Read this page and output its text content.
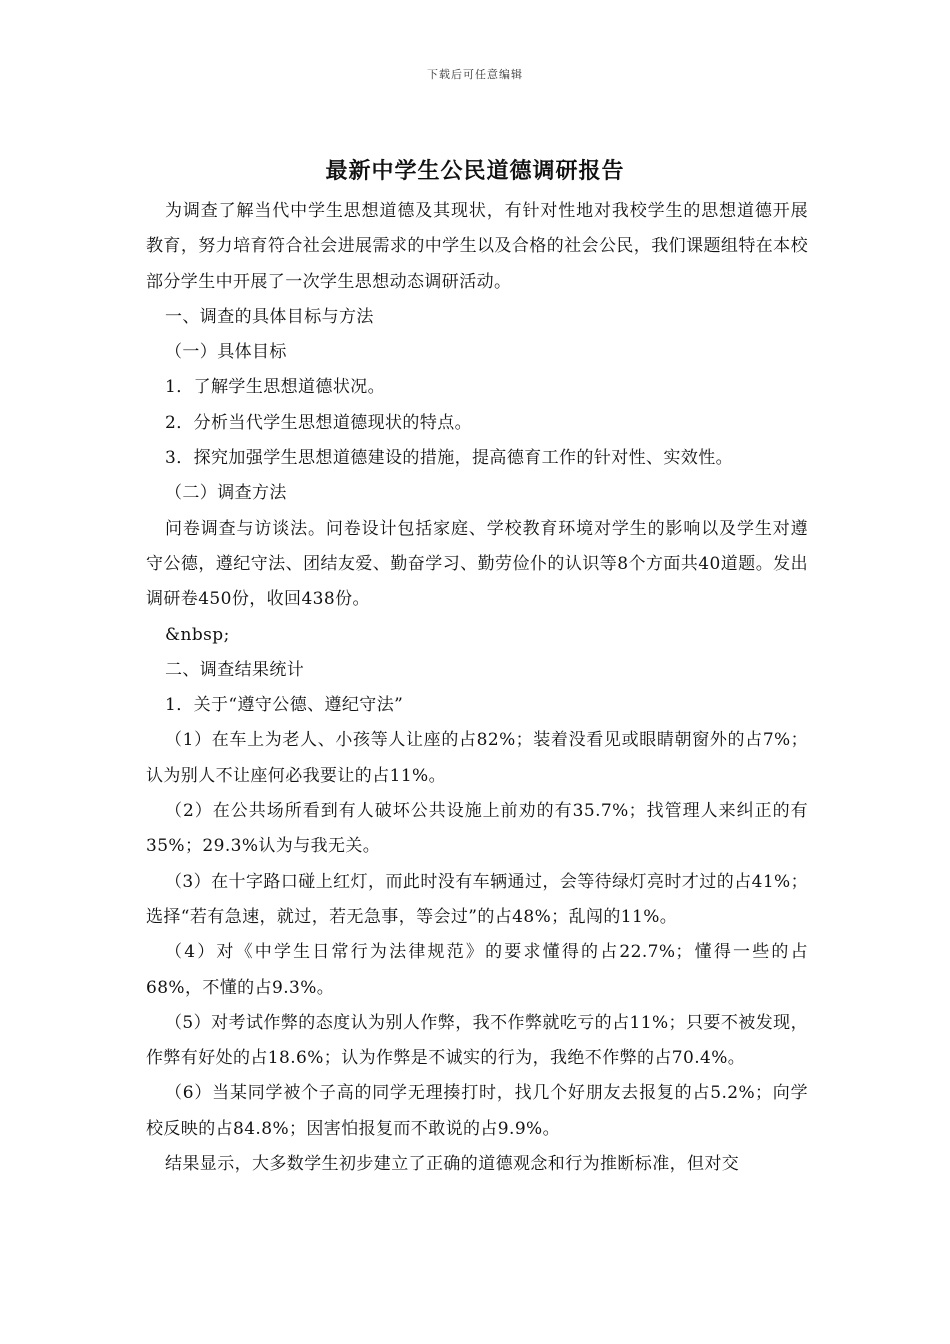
下载后可任意编辑
最新中学生公民道德调研报告

为调查了解当代中学生思想道德及其现状，有针对性地对我校学生的思想道德开展教育，努力培育符合社会进展需求的中学生以及合格的社会公民，我们课题组特在本校部分学生中开展了一次学生思想动态调研活动。

一、调查的具体目标与方法

（一）具体目标

1．了解学生思想道德状况。

2．分析当代学生思想道德现状的特点。

3．探究加强学生思想道德建设的措施，提高德育工作的针对性、实效性。

（二）调查方法

问卷调查与访谈法。问卷设计包括家庭、学校教育环境对学生的影响以及学生对遵守公德，遵纪守法、团结友爱、勤奋学习、勤劳俭仆的认识等8个方面共40道题。发出调研卷450份，收回438份。

&nbsp;

二、调查结果统计

1．关于“遵守公德、遵纪守法”

（1）在车上为老人、小孩等人让座的占82%；装着没看见或眼睛朝窗外的占7%；认为别人不让座何必我要让的占11%。

（2）在公共场所看到有人破坏公共设施上前劝的有35.7%；找管理人来纠正的有35%；29.3%认为与我无关。

（3）在十字路口碰上红灯，而此时没有车辆通过，会等待绿灯亮时才过的占41%；选择“若有急速，就过，若无急事，等会过”的占48%；乱闯的11%。

（4）对《中学生日常行为法律规范》的要求懂得的占22.7%；懂得一些的占68%，不懂的占9.3%。

（5）对考试作弊的态度认为别人作弊，我不作弊就吃亏的占11%；只要不被发现，作弊有好处的占18.6%；认为作弊是不诚实的行为，我绝不作弊的占70.4%。

（6）当某同学被个子高的同学无理揍打时，找几个好朋友去报复的占5.2%；向学校反映的占84.8%；因害怕报复而不敢说的占9.9%。

结果显示，大多数学生初步建立了正确的道德观念和行为推断标准，但对交
